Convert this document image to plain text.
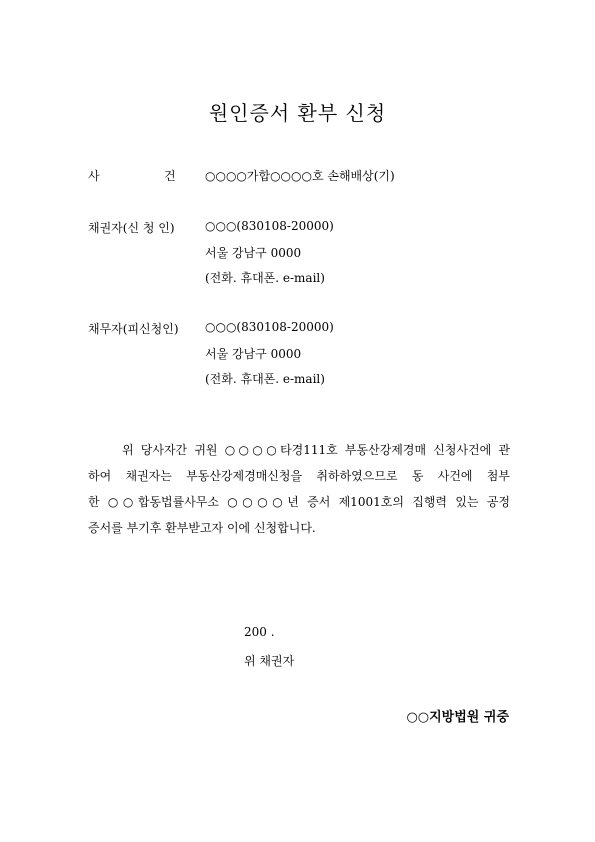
원인증서 환부 신청
사	건 ○○○○가합○○○○호 손해배상(기)
채권자(신 청 인)	○○○(830108-20000)
서울 강남구 0000
(전화. 휴대폰. e-mail)
채무자(피신청인) ○○○(830108-20000)
서울 강남구 0000
(전화. 휴대폰. e-mail)
위 당사자간 귀원 ○○○○타경111호 부동산강제경매 신청사건에 관
하여 채권자는 부동산강제경매신청을 취하하였으므로 동 사건에 첨부
한 ○○합동법률사무소 ○○○○년 증서 제1001호의 집행력 있는 공정
증서를 부기후 환부받고자 이에 신청합니다.
200 .
위 채권자
○○지방법원 귀중
